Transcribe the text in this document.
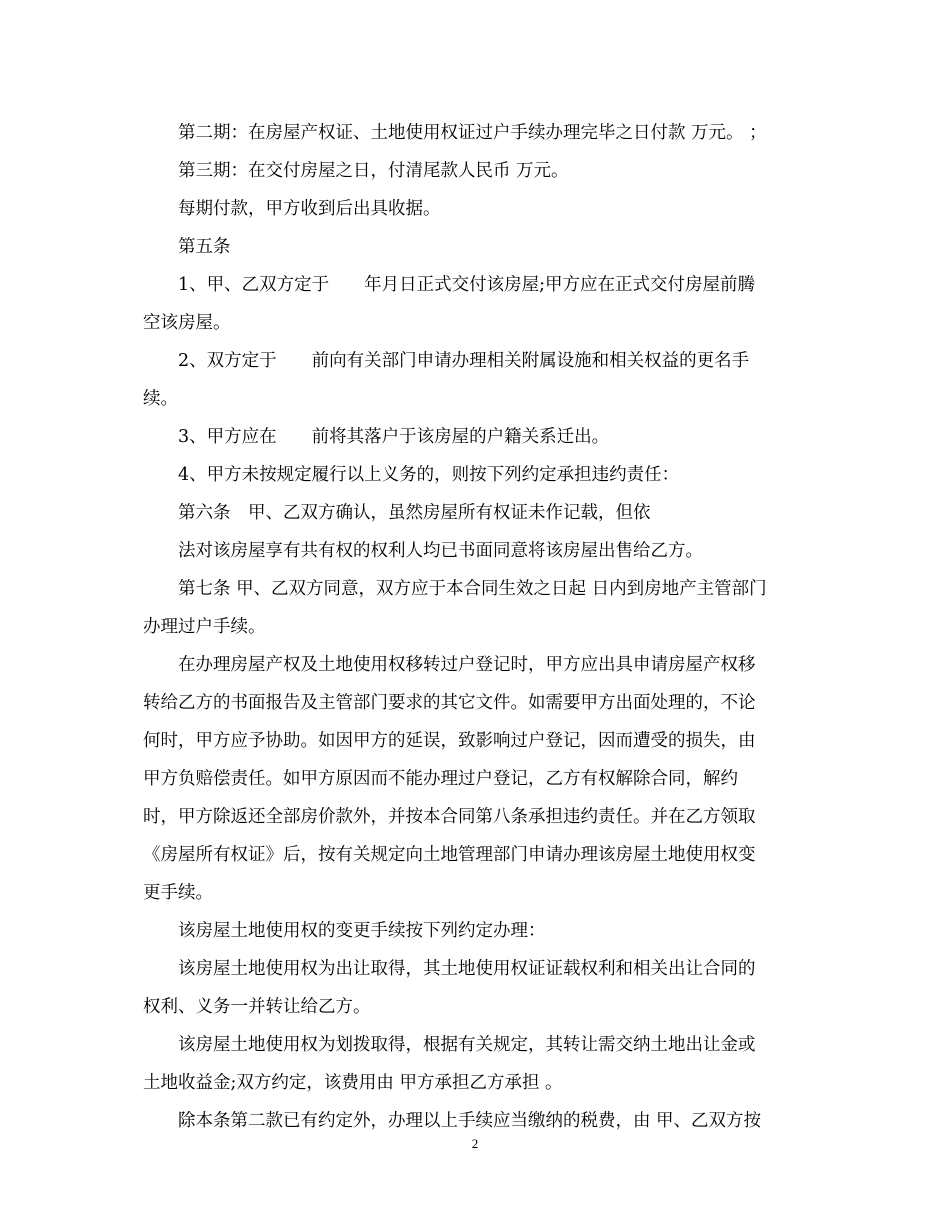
第二期：在房屋产权证、土地使用权证过户手续办理完毕之日付款 万元。 ；
第三期：在交付房屋之日，付清尾款人民币 万元。
每期付款，甲方收到后出具收据。
第五条
1、甲、乙双方定于　　年月日正式交付该房屋;甲方应在正式交付房屋前腾
空该房屋。
2、双方定于　　前向有关部门申请办理相关附属设施和相关权益的更名手
续。
3、甲方应在　　前将其落户于该房屋的户籍关系迁出。
4、甲方未按规定履行以上义务的，则按下列约定承担违约责任：
第六条　甲、乙双方确认，虽然房屋所有权证未作记载，但依
法对该房屋享有共有权的权利人均已书面同意将该房屋出售给乙方。
第七条 甲、乙双方同意，双方应于本合同生效之日起 日内到房地产主管部门
办理过户手续。
在办理房屋产权及土地使用权移转过户登记时，甲方应出具申请房屋产权移
转给乙方的书面报告及主管部门要求的其它文件。如需要甲方出面处理的，不论
何时，甲方应予协助。如因甲方的延误，致影响过户登记，因而遭受的损失，由
甲方负赔偿责任。如甲方原因而不能办理过户登记，乙方有权解除合同，解约
时，甲方除返还全部房价款外，并按本合同第八条承担违约责任。并在乙方领取
《房屋所有权证》后，按有关规定向土地管理部门申请办理该房屋土地使用权变
更手续。
该房屋土地使用权的变更手续按下列约定办理：
该房屋土地使用权为出让取得，其土地使用权证证载权利和相关出让合同的
权利、义务一并转让给乙方。
该房屋土地使用权为划拨取得，根据有关规定，其转让需交纳土地出让金或
土地收益金;双方约定，该费用由 甲方承担乙方承担 。
除本条第二款已有约定外，办理以上手续应当缴纳的税费，由 甲、乙双方按
2
